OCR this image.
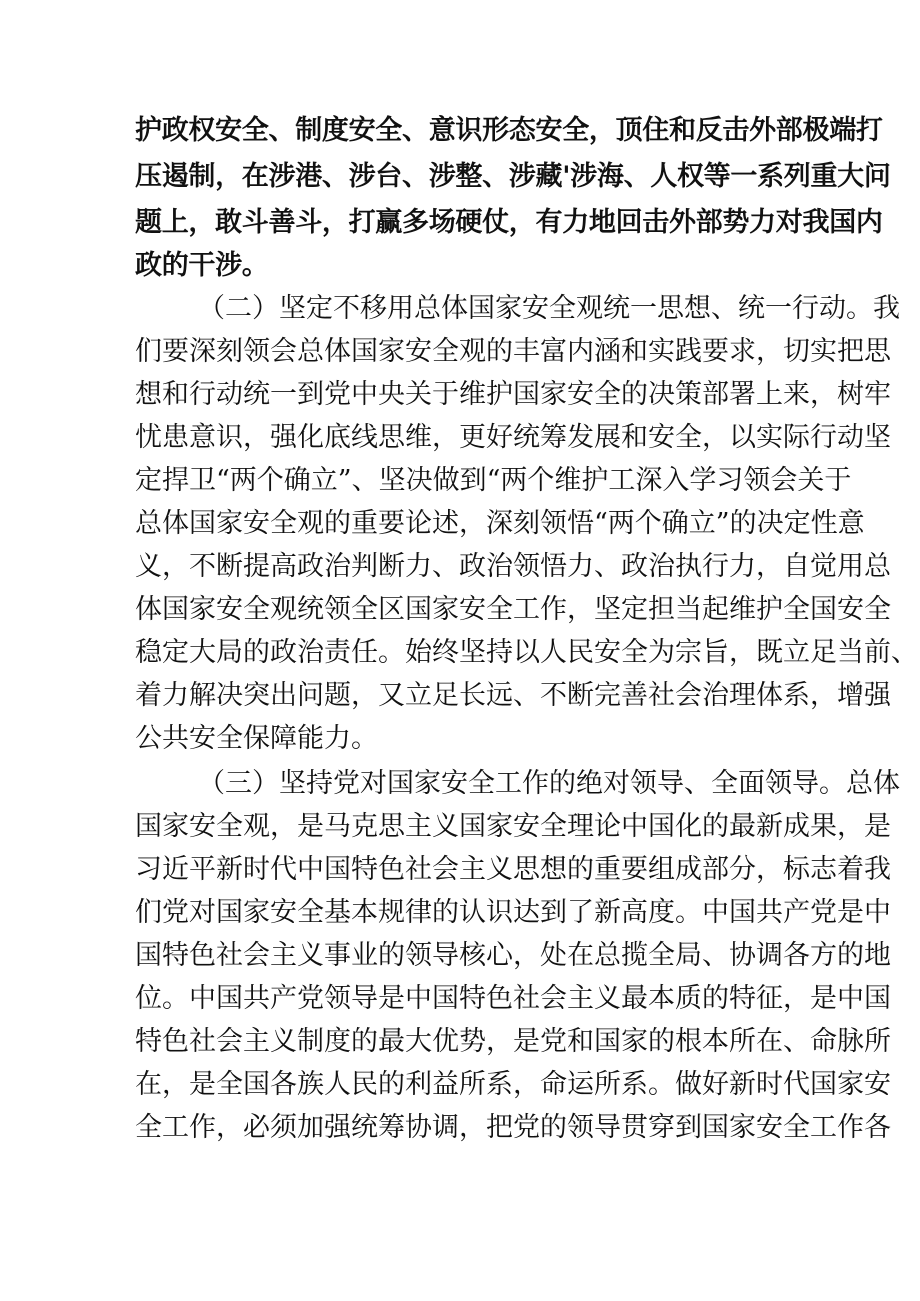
护政权安全、制度安全、意识形态安全，顶住和反击外部极端打
压遏制，在涉港、涉台、涉整、涉藏'涉海、人权等一系列重大问
题上，敢斗善斗，打赢多场硬仗，有力地回击外部势力对我国内
政的干涉。
（二）坚定不移用总体国家安全观统一思想、统一行动。我
们要深刻领会总体国家安全观的丰富内涵和实践要求，切实把思
想和行动统一到党中央关于维护国家安全的决策部署上来，树牢
忧患意识，强化底线思维，更好统筹发展和安全，以实际行动坚
定捍卫“两个确立”、坚决做到“两个维护工深入学习领会关于
总体国家安全观的重要论述，深刻领悟“两个确立”的决定性意
义，不断提高政治判断力、政治领悟力、政治执行力，自觉用总
体国家安全观统领全区国家安全工作，坚定担当起维护全国安全
稳定大局的政治责任。始终坚持以人民安全为宗旨，既立足当前、
着力解决突出问题，又立足长远、不断完善社会治理体系，增强
公共安全保障能力。
（三）坚持党对国家安全工作的绝对领导、全面领导。总体
国家安全观，是马克思主义国家安全理论中国化的最新成果，是
习近平新时代中国特色社会主义思想的重要组成部分，标志着我
们党对国家安全基本规律的认识达到了新高度。中国共产党是中
国特色社会主义事业的领导核心，处在总揽全局、协调各方的地
位。中国共产党领导是中国特色社会主义最本质的特征，是中国
特色社会主义制度的最大优势，是党和国家的根本所在、命脉所
在，是全国各族人民的利益所系，命运所系。做好新时代国家安
全工作，必须加强统筹协调，把党的领导贯穿到国家安全工作各
